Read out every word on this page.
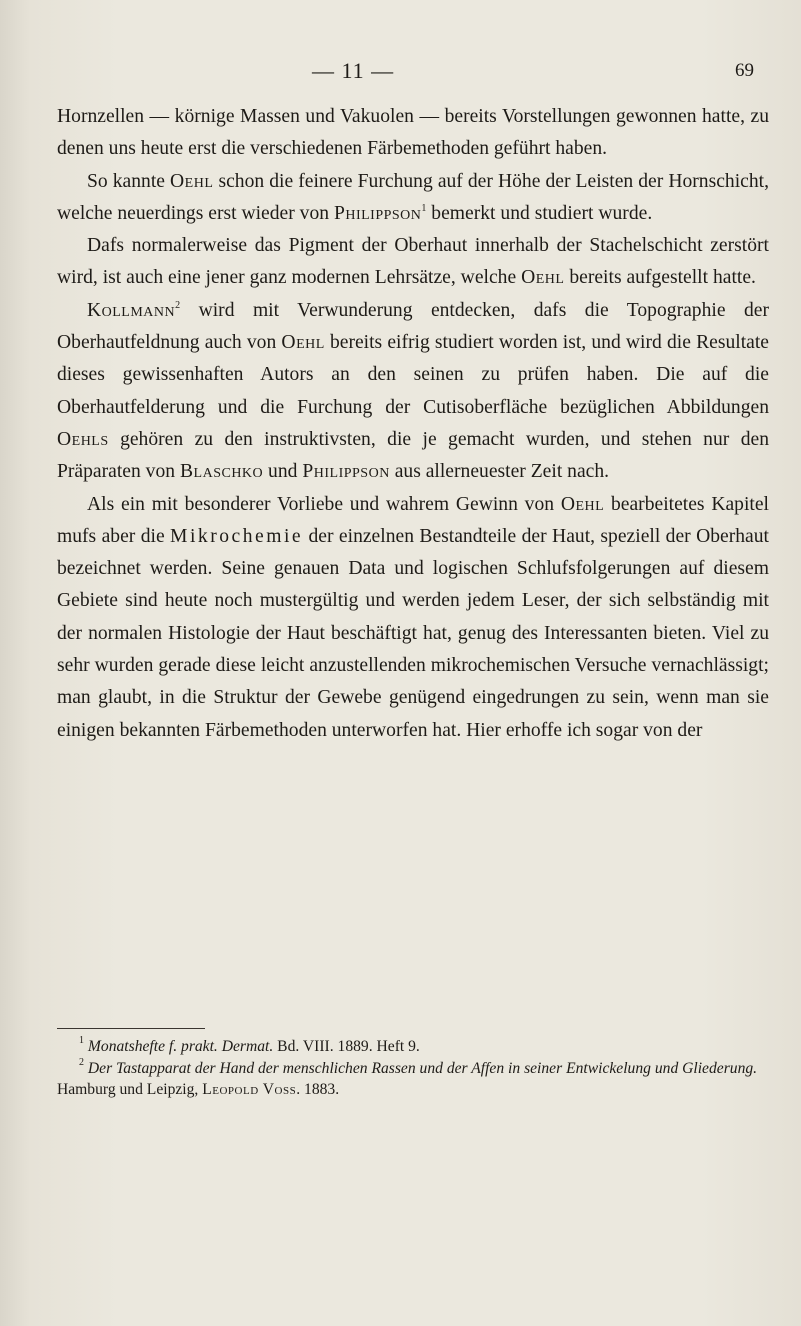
— 11 —	69

Hornzellen — körnige Massen und Vakuolen — bereits Vorstellungen gewonnen hatte, zu denen uns heute erst die verschiedenen Färbemethoden geführt haben.

So kannte Oehl schon die feinere Furchung auf der Höhe der Leisten der Hornschicht, welche neuerdings erst wieder von Philippson$^1$ bemerkt und studiert wurde.

Dafs normalerweise das Pigment der Oberhaut innerhalb der Stachelschicht zerstört wird, ist auch eine jener ganz modernen Lehrsätze, welche Oehl bereits aufgestellt hatte.

Kollmann$^2$ wird mit Verwunderung entdecken, dafs die Topographie der Oberhautfeldnung auch von Oehl bereits eifrig studiert worden ist, und wird die Resultate dieses gewissenhaften Autors an den seinen zu prüfen haben. Die auf die Oberhautfelderung und die Furchung der Cutisoberfläche bezüglichen Abbildungen Oehls gehören zu den instruktivsten, die je gemacht wurden, und stehen nur den Präparaten von Blaschko und Philippson aus allerneuester Zeit nach.

Als ein mit besonderer Vorliebe und wahrem Gewinn von Oehl bearbeitetes Kapitel mufs aber die Mikrochemie der einzelnen Bestandteile der Haut, speziell der Oberhaut bezeichnet werden. Seine genauen Data und logischen Schlufsfolgerungen auf diesem Gebiete sind heute noch mustergültig und werden jedem Leser, der sich selbständig mit der normalen Histologie der Haut beschäftigt hat, genug des Interessanten bieten. Viel zu sehr wurden gerade diese leicht anzustellenden mikrochemischen Versuche vernachlässigt; man glaubt, in die Struktur der Gewebe genügend eingedrungen zu sein, wenn man sie einigen bekannten Färbemethoden unterworfen hat. Hier erhoffe ich sogar von der

$^1$ Monatshefte f. prakt. Dermat. Bd. VIII. 1889. Heft 9.

$^2$ Der Tastapparat der Hand der menschlichen Rassen und der Affen in seiner Entwickelung und Gliederung. Hamburg und Leipzig, Leopold Voss. 1883.
